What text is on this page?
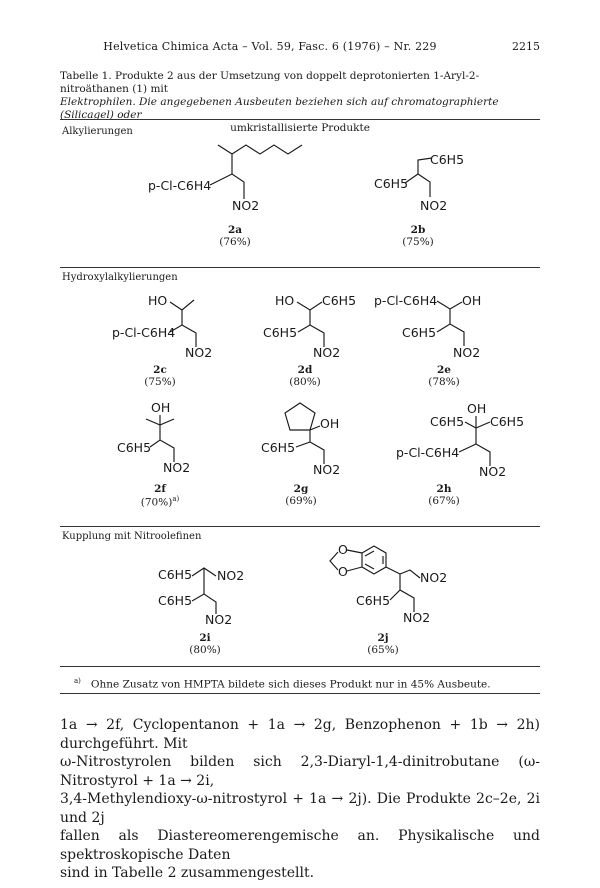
Helvetica Chimica Acta – Vol. 59, Fasc. 6 (1976) – Nr. 229	2215
Tabelle 1. Produkte 2 aus der Umsetzung von doppelt deprotonierten 1-Aryl-2-nitroäthanen (1) mit
Elektrophilen. Die angegebenen Ausbeuten beziehen sich auf chromatographierte (Silicagel) oder

umkristallisierte Produkte
Alkylierungen
Hydroxylalkylierungen
Kupplung mit Nitroolefinen
p-Cl-C6H4
NO2
C6H5
C6H5
NO2
HO
p-Cl-C6H4
NO2
HO C6H5
C6H5
NO2
p-Cl-C6H4 OH
C6H5
NO2
OH
C6H5
NO2
OH
C6H5
NO2
OH
C6H5 C6H5
p-Cl-C6H4
NO2
C6H5 NO2
C6H5
NO2
O
O	NO2
C6H5
NO2
2a
(76%)
2b
(75%)
2c
(75%)
2d
(80%)
2e
(78%)
2f
$(70\%)^{a)}$
2g
(69%)
2h
(67%)
2i
(80%)
2j
(65%)
$^{a)}$ Ohne Zusatz von HMPTA bildete sich dieses Produkt nur in 45% Ausbeute.

1a → 2f, Cyclopentanon + 1a → 2g, Benzophenon + 1b → 2h) durchgeführt. Mit

ω-Nitrostyrolen bilden sich 2,3-Diaryl-1,4-dinitrobutane (ω-Nitrostyrol + 1a → 2i,

3,4-Methylendioxy-ω-nitrostyrol + 1a → 2j). Die Produkte 2c–2e, 2i und 2j

fallen als Diastereomerengemische an. Physikalische und spektroskopische Daten

sind in Tabelle 2 zusammengestellt.
